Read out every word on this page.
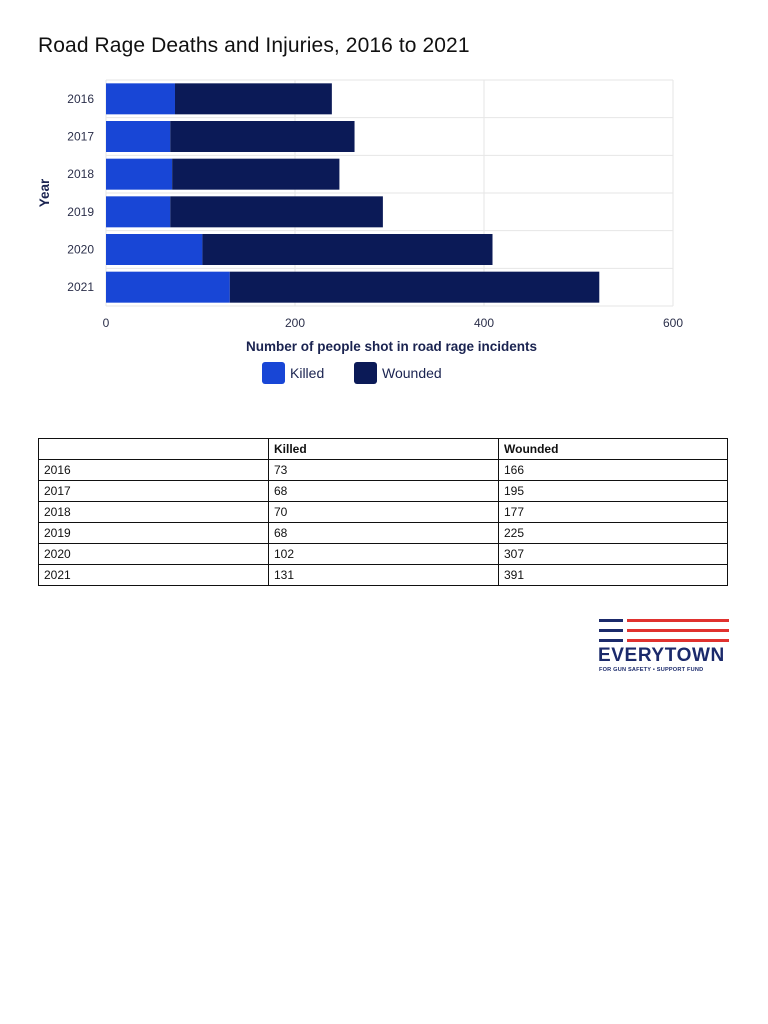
Road Rage Deaths and Injuries, 2016 to 2021
2016
2017
2018
2019
2020
2021
0	200	400	600
Year
Number of people shot in road rage incidents
Killed	Wounded
	Killed	Wounded
2016	73	166
2017	68	195
2018	70	177
2019	68	225
2020	102	307
2021	131	391
EVERYTOWN
FOR GUN SAFETY • SUPPORT FUND
